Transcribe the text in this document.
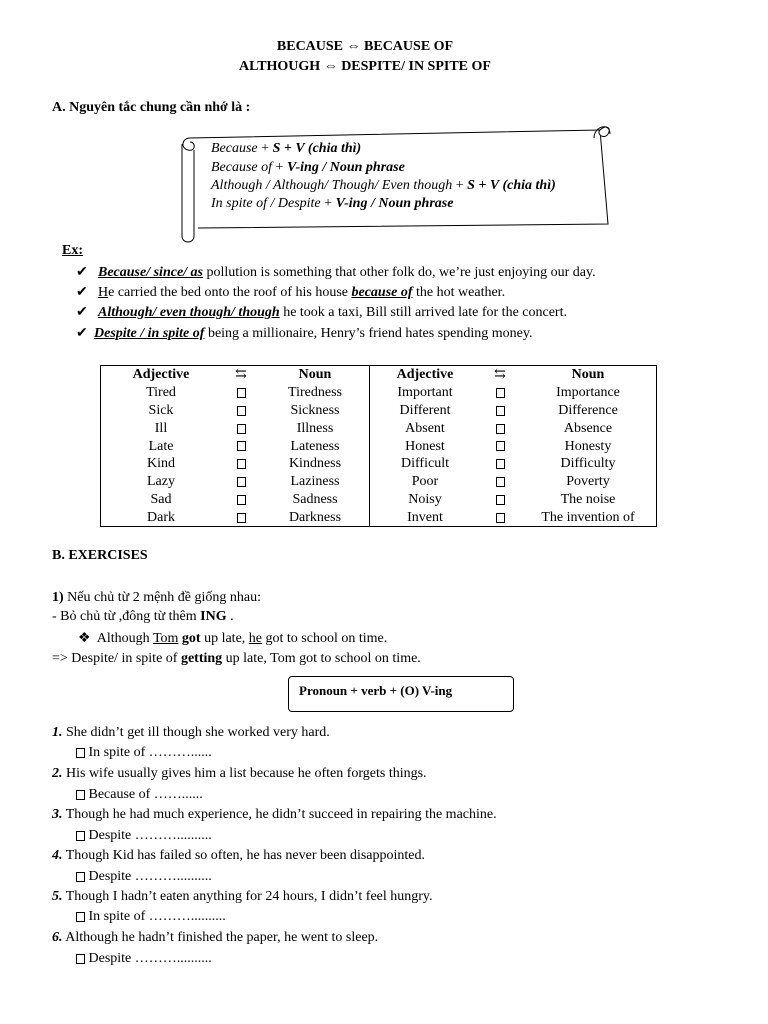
BECAUSE ⇔ BECAUSE OF
ALTHOUGH ⇔ DESPITE/ IN SPITE OF
A. Nguyên tắc chung cần nhớ là :
Because + S + V (chia thì)
Because of + V-ing / Noun phrase
Although / Although/ Though/ Even though + S + V (chia thì)
In spite of / Despite + V-ing / Noun phrase
Ex:
✔ Because/ since/ as pollution is something that other folk do, we’re just enjoying our day.
✔ He carried the bed onto the roof of his house because of the hot weather.
✔ Although/ even though/ though he took a taxi, Bill still arrived late for the concert.
✔ Despite / in spite of being a millionaire, Henry’s friend hates spending money.
Adjective	⇆	Noun	Adjective	⇆	Noun
Tired		Tiredness	Important		Importance
Sick		Sickness	Different		Difference
Ill		Illness	Absent		Absence
Late		Lateness	Honest		Honesty
Kind		Kindness	Difficult		Difficulty
Lazy		Laziness	Poor		Poverty
Sad		Sadness	Noisy		The noise
Dark		Darkness	Invent		The invention of
B. EXERCISES
1) Nếu chủ từ 2 mệnh đề giống nhau:
- Bỏ chủ từ ,đông từ thêm ING .
❖ Although Tom got up late, he got to school on time.
=> Despite/ in spite of getting up late, Tom got to school on time.
Pronoun + verb + (O) V-ing
1. She didn’t get ill though she worked very hard.
In spite of ………......
2. His wife usually gives him a list because he often forgets things.
Because of ……......
3. Though he had much experience, he didn’t succeed in repairing the machine.
Despite ………..........
4. Though Kid has failed so often, he has never been disappointed.
Despite ………..........
5. Though I hadn’t eaten anything for 24 hours, I didn’t feel hungry.
In spite of ………..........
6. Although he hadn’t finished the paper, he went to sleep.
Despite ………..........
